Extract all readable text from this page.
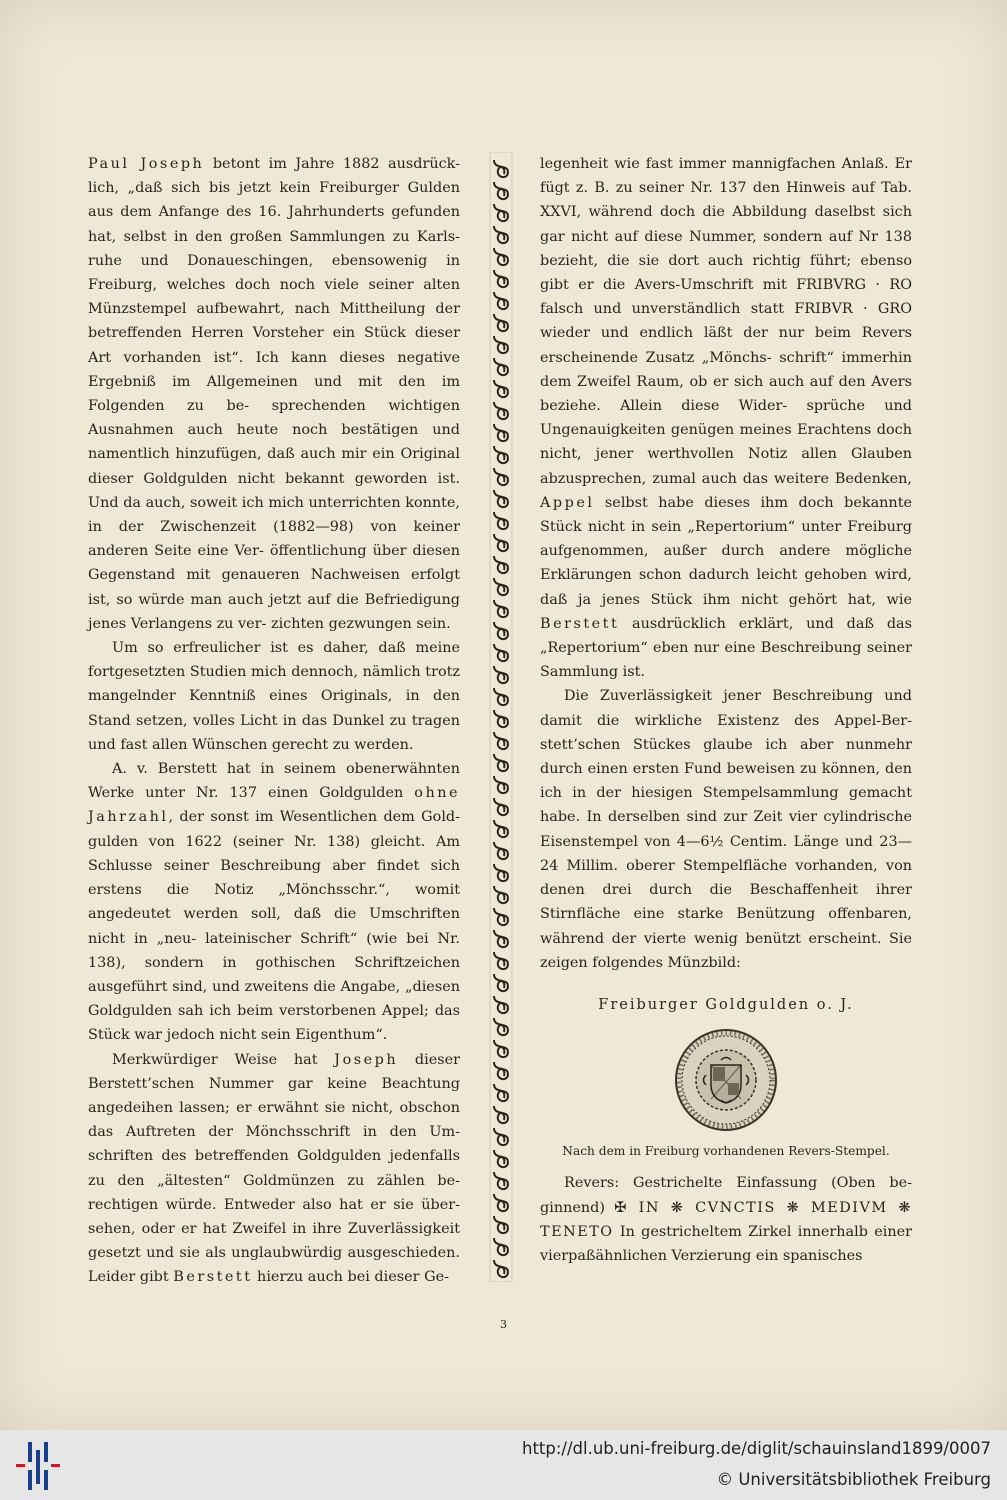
Paul Joseph betont im Jahre 1882 ausdrück- lich, „daß sich bis jetzt kein Freiburger Gulden aus dem Anfange des 16. Jahrhunderts gefunden hat, selbst in den großen Sammlungen zu Karls- ruhe und Donaueschingen, ebensowenig in Freiburg, welches doch noch viele seiner alten Münzstempel aufbewahrt, nach Mittheilung der betreffenden Herren Vorsteher ein Stück dieser Art vorhanden ist“. Ich kann dieses negative Ergebniß im Allgemeinen und mit den im Folgenden zu be- sprechenden wichtigen Ausnahmen auch heute noch bestätigen und namentlich hinzufügen, daß auch mir ein Original dieser Goldgulden nicht bekannt geworden ist. Und da auch, soweit ich mich unterrichten konnte, in der Zwischenzeit (1882—98) von keiner anderen Seite eine Ver- öffentlichung über diesen Gegenstand mit genaueren Nachweisen erfolgt ist, so würde man auch jetzt auf die Befriedigung jenes Verlangens zu ver- zichten gezwungen sein.

Um so erfreulicher ist es daher, daß meine fortgesetzten Studien mich dennoch, nämlich trotz mangelnder Kenntniß eines Originals, in den Stand setzen, volles Licht in das Dunkel zu tragen und fast allen Wünschen gerecht zu werden.

A. v. Berstett hat in seinem obenerwähnten Werke unter Nr. 137 einen Goldgulden ohne Jahrzahl, der sonst im Wesentlichen dem Gold- gulden von 1622 (seiner Nr. 138) gleicht. Am Schlusse seiner Beschreibung aber findet sich erstens die Notiz „Mönchsschr.“, womit angedeutet werden soll, daß die Umschriften nicht in „neu- lateinischer Schrift“ (wie bei Nr. 138), sondern in gothischen Schriftzeichen ausgeführt sind, und zweitens die Angabe, „diesen Goldgulden sah ich beim verstorbenen Appel; das Stück war jedoch nicht sein Eigenthum“.

Merkwürdiger Weise hat Joseph dieser Berstett’schen Nummer gar keine Beachtung angedeihen lassen; er erwähnt sie nicht, obschon das Auftreten der Mönchsschrift in den Um- schriften des betreffenden Goldgulden jedenfalls zu den „ältesten“ Goldmünzen zu zählen be- rechtigen würde. Entweder also hat er sie über- sehen, oder er hat Zweifel in ihre Zuverlässigkeit gesetzt und sie als unglaubwürdig ausgeschieden. Leider gibt Berstett hierzu auch bei dieser Ge-

legenheit wie fast immer mannigfachen Anlaß. Er fügt z. B. zu seiner Nr. 137 den Hinweis auf Tab. XXVI, während doch die Abbildung daselbst sich gar nicht auf diese Nummer, sondern auf Nr 138 bezieht, die sie dort auch richtig führt; ebenso gibt er die Avers-Umschrift mit FRIBVRG · RO falsch und unverständlich statt FRIBVR · GRO wieder und endlich läßt der nur beim Revers erscheinende Zusatz „Mönchs- schrift“ immerhin dem Zweifel Raum, ob er sich auch auf den Avers beziehe. Allein diese Wider- sprüche und Ungenauigkeiten genügen meines Erachtens doch nicht, jener werthvollen Notiz allen Glauben abzusprechen, zumal auch das weitere Bedenken, Appel selbst habe dieses ihm doch bekannte Stück nicht in sein „Repertorium“ unter Freiburg aufgenommen, außer durch andere mögliche Erklärungen schon dadurch leicht gehoben wird, daß ja jenes Stück ihm nicht gehört hat, wie Berstett ausdrücklich erklärt, und daß das „Repertorium“ eben nur eine Beschreibung seiner Sammlung ist.

Die Zuverlässigkeit jener Beschreibung und damit die wirkliche Existenz des Appel-Ber- stett’schen Stückes glaube ich aber nunmehr durch einen ersten Fund beweisen zu können, den ich in der hiesigen Stempelsammlung gemacht habe. In derselben sind zur Zeit vier cylindrische Eisenstempel von 4—6½ Centim. Länge und 23—24 Millim. oberer Stempelfläche vorhanden, von denen drei durch die Beschaffenheit ihrer Stirnfläche eine starke Benützung offenbaren, während der vierte wenig benützt erscheint. Sie zeigen folgendes Münzbild:

Freiburger Goldgulden o. J.
Nach dem in Freiburg vorhandenen Revers-Stempel.

Revers: Gestrichelte Einfassung (Oben be- ginnend) ✠ IN ❋ CVNCTIS ❋ MEDIVM ❋ TENETO In gestricheltem Zirkel innerhalb einer vierpaßähnlichen Verzierung ein spanisches

3
http://dl.ub.uni-freiburg.de/diglit/schauinsland1899/0007
© Universitätsbibliothek Freiburg
